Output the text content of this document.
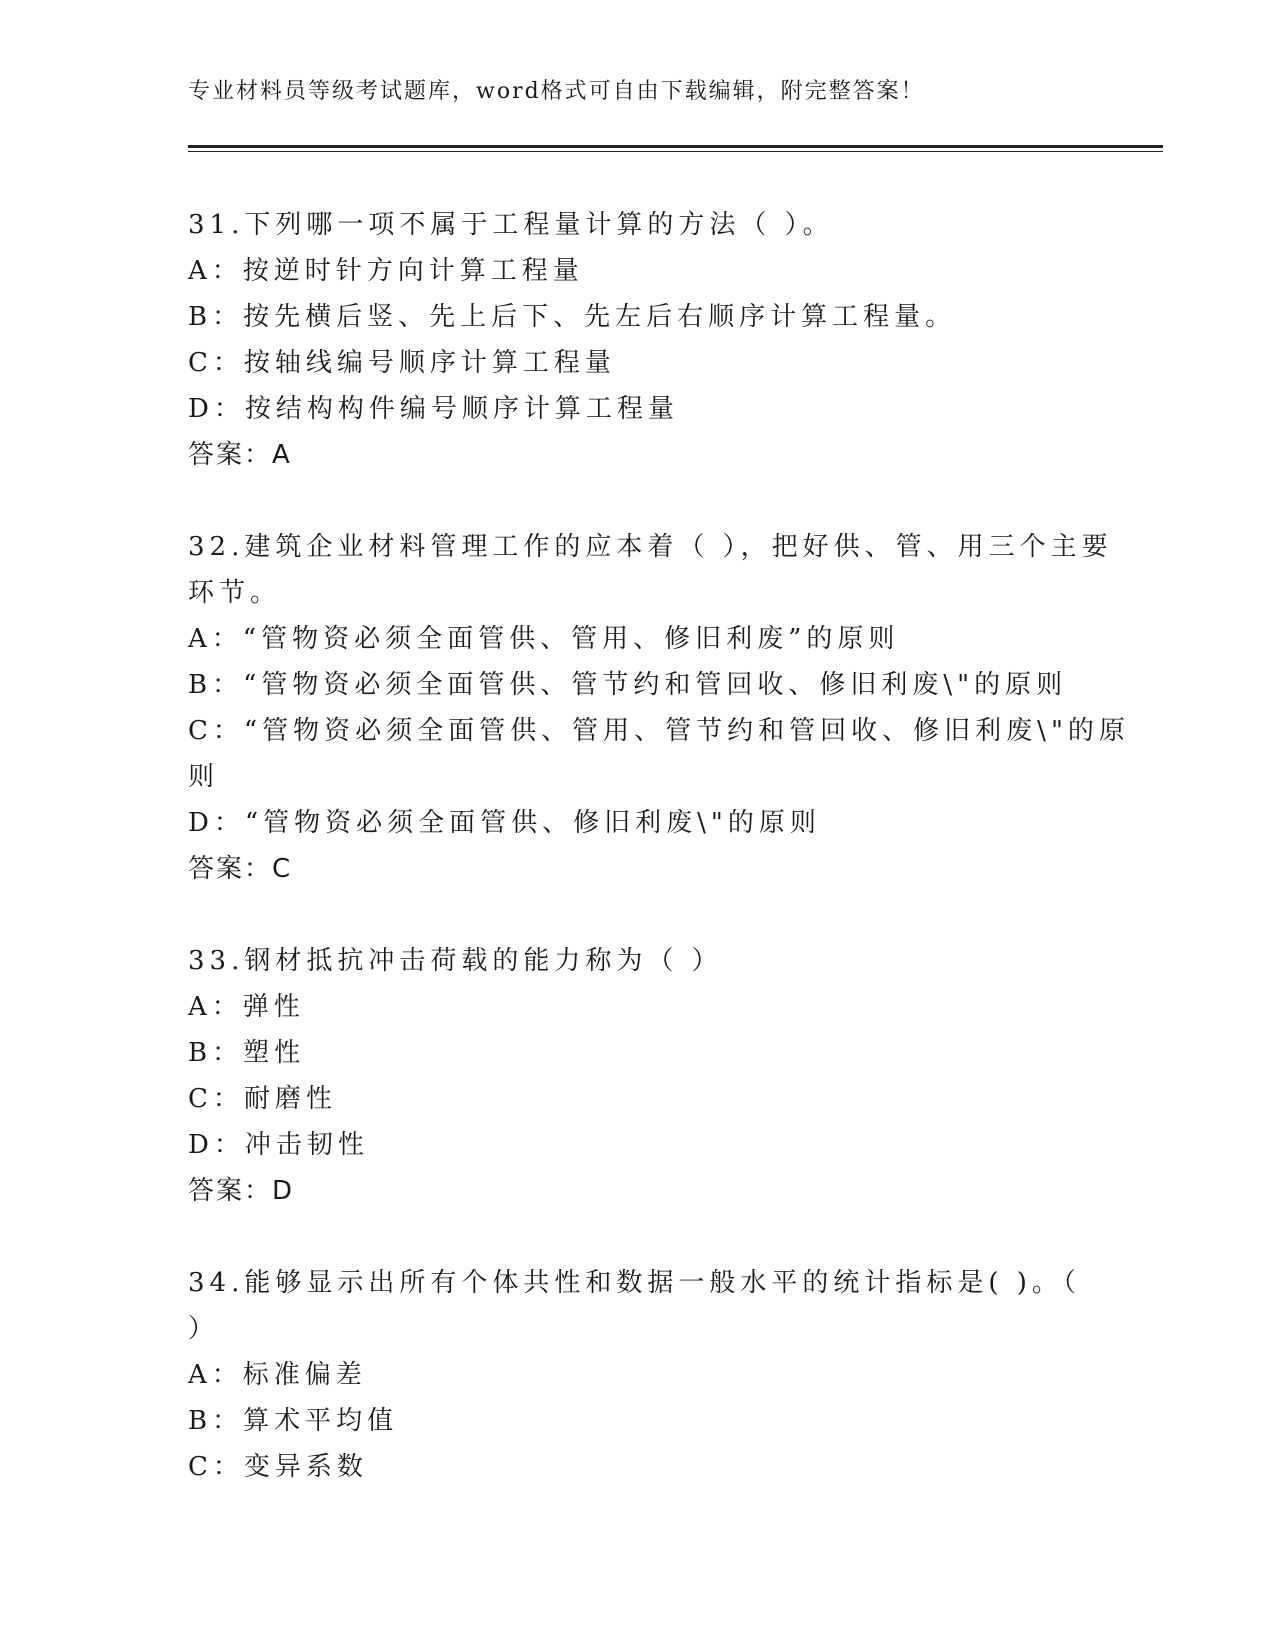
专业材料员等级考试题库，word格式可自由下载编辑，附完整答案！
31.下列哪一项不属于工程量计算的方法（ ）。
A：按逆时针方向计算工程量
B：按先横后竖、先上后下、先左后右顺序计算工程量。
C：按轴线编号顺序计算工程量
D：按结构构件编号顺序计算工程量
答案：A
32.建筑企业材料管理工作的应本着（ ），把好供、管、用三个主要
环节。
A：“管物资必须全面管供、管用、修旧利废”的原则
B：“管物资必须全面管供、管节约和管回收、修旧利废\"的原则
C：“管物资必须全面管供、管用、管节约和管回收、修旧利废\"的原
则
D：“管物资必须全面管供、修旧利废\"的原则
答案：C
33.钢材抵抗冲击荷载的能力称为（ ）
A：弹性
B：塑性
C：耐磨性
D：冲击韧性
答案：D
34.能够显示出所有个体共性和数据一般水平的统计指标是( )。（
）
A：标准偏差
B：算术平均值
C：变异系数
